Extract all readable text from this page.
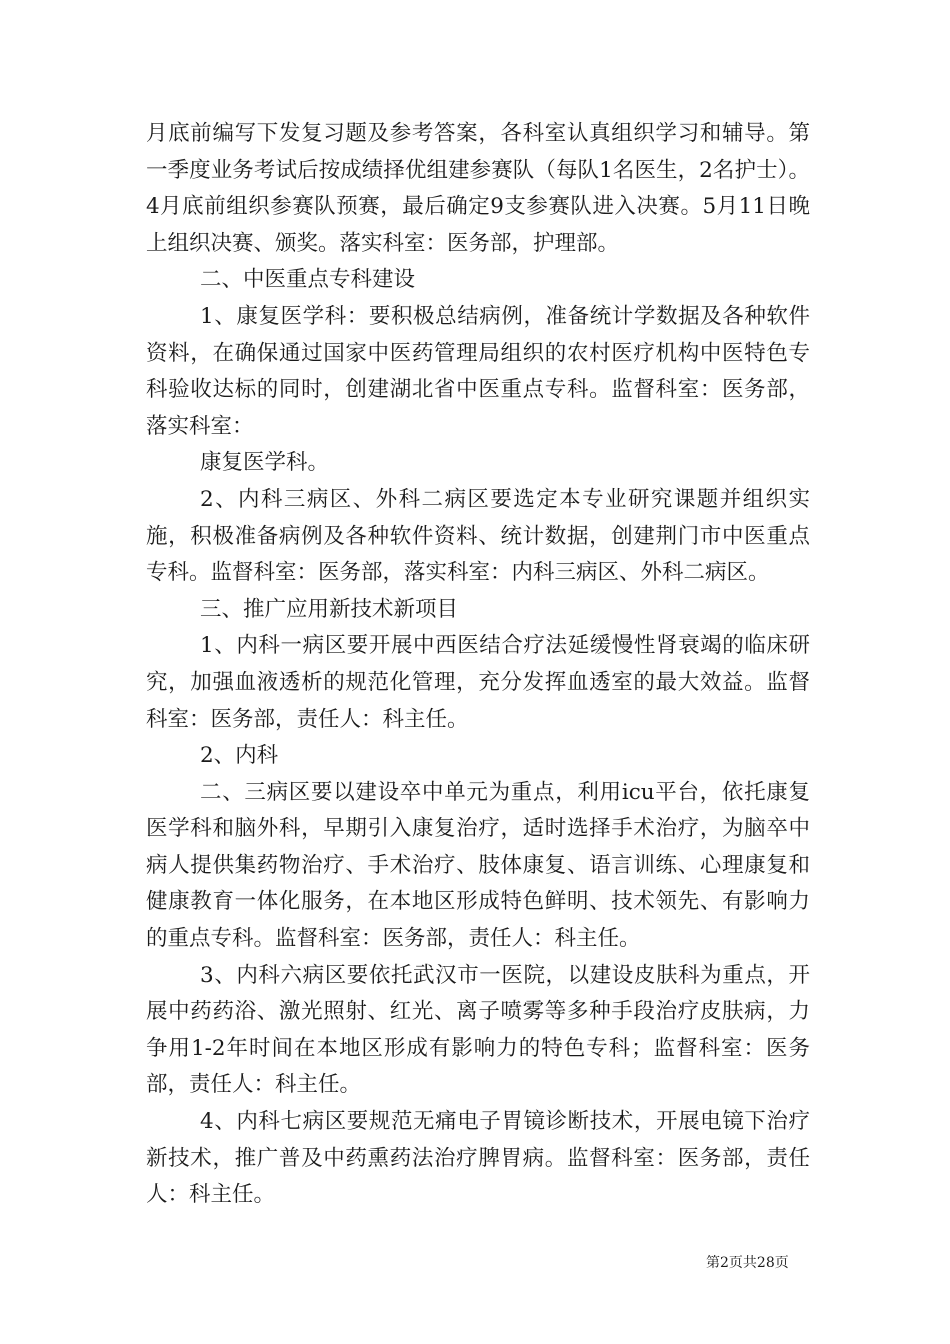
月底前编写下发复习题及参考答案，各科室认真组织学习和辅导。第一季度业务考试后按成绩择优组建参赛队（每队1名医生，2名护士）。4月底前组织参赛队预赛，最后确定9支参赛队进入决赛。5月11日晚上组织决赛、颁奖。落实科室：医务部，护理部。

二、中医重点专科建设

1、康复医学科：要积极总结病例，准备统计学数据及各种软件资料，在确保通过国家中医药管理局组织的农村医疗机构中医特色专科验收达标的同时，创建湖北省中医重点专科。监督科室：医务部，落实科室：

康复医学科。

2、内科三病区、外科二病区要选定本专业研究课题并组织实施，积极准备病例及各种软件资料、统计数据，创建荆门市中医重点专科。监督科室：医务部，落实科室：内科三病区、外科二病区。

三、推广应用新技术新项目

1、内科一病区要开展中西医结合疗法延缓慢性肾衰竭的临床研究，加强血液透析的规范化管理，充分发挥血透室的最大效益。监督科室：医务部，责任人：科主任。

2、内科

二、三病区要以建设卒中单元为重点，利用icu平台，依托康复医学科和脑外科，早期引入康复治疗，适时选择手术治疗，为脑卒中病人提供集药物治疗、手术治疗、肢体康复、语言训练、心理康复和健康教育一体化服务，在本地区形成特色鲜明、技术领先、有影响力的重点专科。监督科室：医务部，责任人：科主任。

3、内科六病区要依托武汉市一医院，以建设皮肤科为重点，开展中药药浴、激光照射、红光、离子喷雾等多种手段治疗皮肤病，力争用1-2年时间在本地区形成有影响力的特色专科；监督科室：医务部，责任人：科主任。

4、内科七病区要规范无痛电子胃镜诊断技术，开展电镜下治疗新技术，推广普及中药熏药法治疗脾胃病。监督科室：医务部，责任人：科主任。

第2页共28页
